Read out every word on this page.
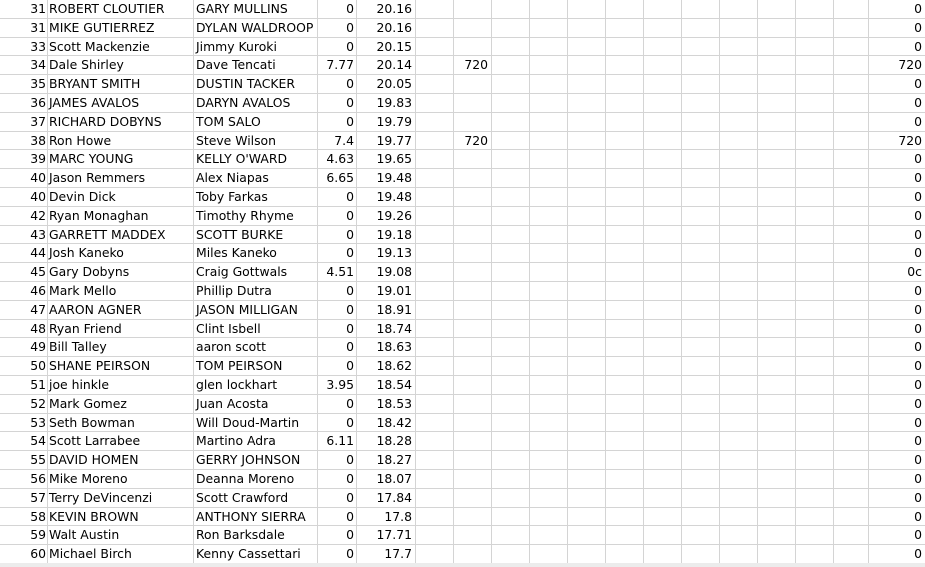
31 ROBERT CLOUTIER	GARY MULLINS	0	20.16	0
31 MIKE GUTIERREZ	DYLAN WALDROOP	0	20.16	0
33 Scott Mackenzie	Jimmy Kuroki	0	20.15	0
34 Dale Shirley	Dave Tencati	7.77	20.14	720	720
35 BRYANT SMITH	DUSTIN TACKER	0	20.05	0
36 JAMES AVALOS	DARYN AVALOS	0	19.83	0
37 RICHARD DOBYNS	TOM SALO	0	19.79	0
38 Ron Howe	Steve Wilson	7.4	19.77	720	720
39 MARC YOUNG	KELLY O'WARD	4.63	19.65	0
40 Jason Remmers	Alex Niapas	6.65	19.48	0
40 Devin Dick	Toby Farkas	0	19.48	0
42 Ryan Monaghan	Timothy Rhyme	0	19.26	0
43 GARRETT MADDEX	SCOTT BURKE	0	19.18	0
44 Josh Kaneko	Miles Kaneko	0	19.13	0
45 Gary Dobyns	Craig Gottwals	4.51	19.08	0c
46 Mark Mello	Phillip Dutra	0	19.01	0
47 AARON AGNER	JASON MILLIGAN	0	18.91	0
48 Ryan Friend	Clint Isbell	0	18.74	0
49 Bill Talley	aaron scott	0	18.63	0
50 SHANE PEIRSON	TOM PEIRSON	0	18.62	0
51 joe hinkle	glen lockhart	3.95	18.54	0
52 Mark Gomez	Juan Acosta	0	18.53	0
53 Seth Bowman	Will Doud-Martin	0	18.42	0
54 Scott Larrabee	Martino Adra	6.11	18.28	0
55 DAVID HOMEN	GERRY JOHNSON	0	18.27	0
56 Mike Moreno	Deanna Moreno	0	18.07	0
57 Terry DeVincenzi	Scott Crawford	0	17.84	0
58 KEVIN BROWN	ANTHONY SIERRA	0	17.8	0
59 Walt Austin	Ron Barksdale	0	17.71	0
60 Michael Birch	Kenny Cassettari	0	17.7	0
